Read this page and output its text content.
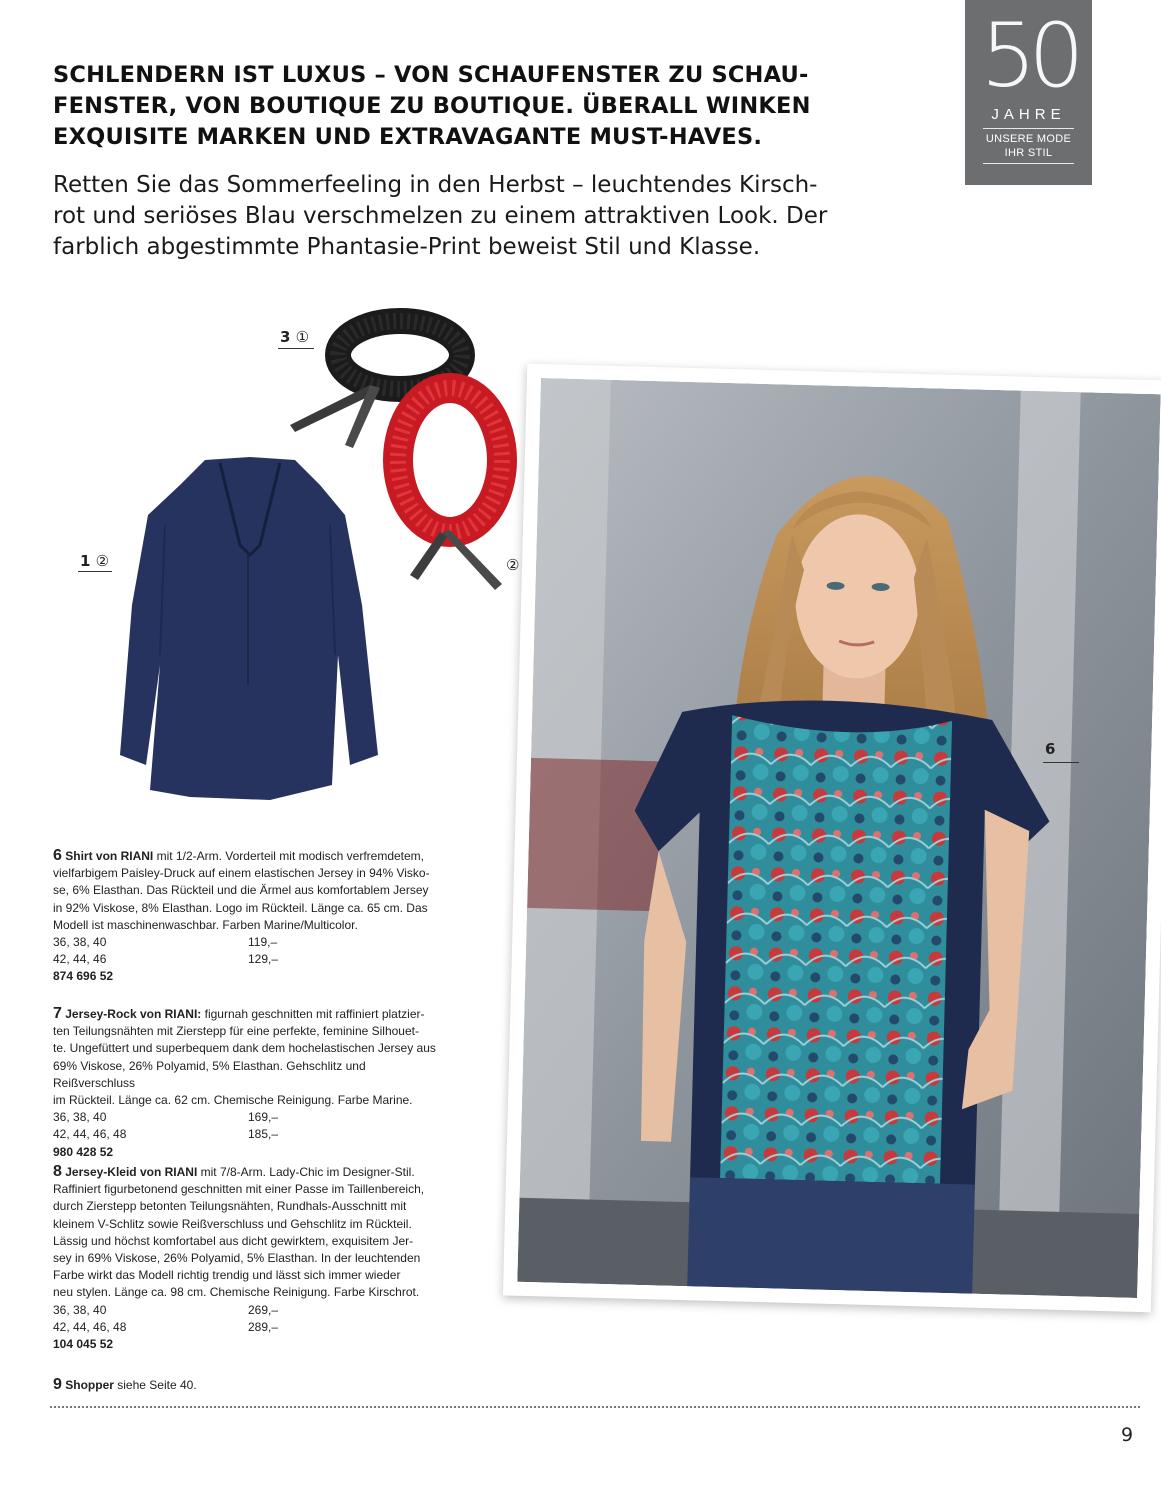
SCHLENDERN IST LUXUS – VON SCHAUFENSTER ZU SCHAU-
FENSTER, VON BOUTIQUE ZU BOUTIQUE. ÜBERALL WINKEN
EXQUISITE MARKEN UND EXTRAVAGANTE MUST-HAVES.
Retten Sie das Sommerfeeling in den Herbst – leuchtendes Kirsch-
rot und seriöses Blau verschmelzen zu einem attraktiven Look. Der
farblich abgestimmte Phantasie-Print beweist Stil und Klasse.
50
JAHRE
UNSERE MODE
IHR STIL
3 ①
②
1 ②
6
6 Shirt von RIANI mit 1/2-Arm. Vorderteil mit modisch verfremdetem,
vielfarbigem Paisley-Druck auf einem elastischen Jersey in 94% Visko-
se, 6% Elasthan. Das Rückteil und die Ärmel aus komfortablem Jersey
in 92% Viskose, 8% Elasthan. Logo im Rückteil. Länge ca. 65 cm. Das
Modell ist maschinenwaschbar. Farben Marine/Multicolor.
36, 38, 40	119,–
42, 44, 46	129,–
874 696 52
7 Jersey-Rock von RIANI: figurnah geschnitten mit raffiniert platzier-
ten Teilungsnähten mit Zierstepp für eine perfekte, feminine Silhouet-
te. Ungefüttert und superbequem dank dem hochelastischen Jersey aus
69% Viskose, 26% Polyamid, 5% Elasthan. Gehschlitz und Reißverschluss
im Rückteil. Länge ca. 62 cm. Chemische Reinigung. Farbe Marine.
36, 38, 40	169,–
42, 44, 46, 48	185,–
980 428 52
8 Jersey-Kleid von RIANI mit 7/8-Arm. Lady-Chic im Designer-Stil.
Raffiniert figurbetonend geschnitten mit einer Passe im Taillenbereich,
durch Zierstepp betonten Teilungsnähten, Rundhals-Ausschnitt mit
kleinem V-Schlitz sowie Reißverschluss und Gehschlitz im Rückteil.
Lässig und höchst komfortabel aus dicht gewirktem, exquisitem Jer-
sey in 69% Viskose, 26% Polyamid, 5% Elasthan. In der leuchtenden
Farbe wirkt das Modell richtig trendig und lässt sich immer wieder
neu stylen. Länge ca. 98 cm. Chemische Reinigung. Farbe Kirschrot.
36, 38, 40	269,–
42, 44, 46, 48	289,–
104 045 52
9 Shopper siehe Seite 40.
9
